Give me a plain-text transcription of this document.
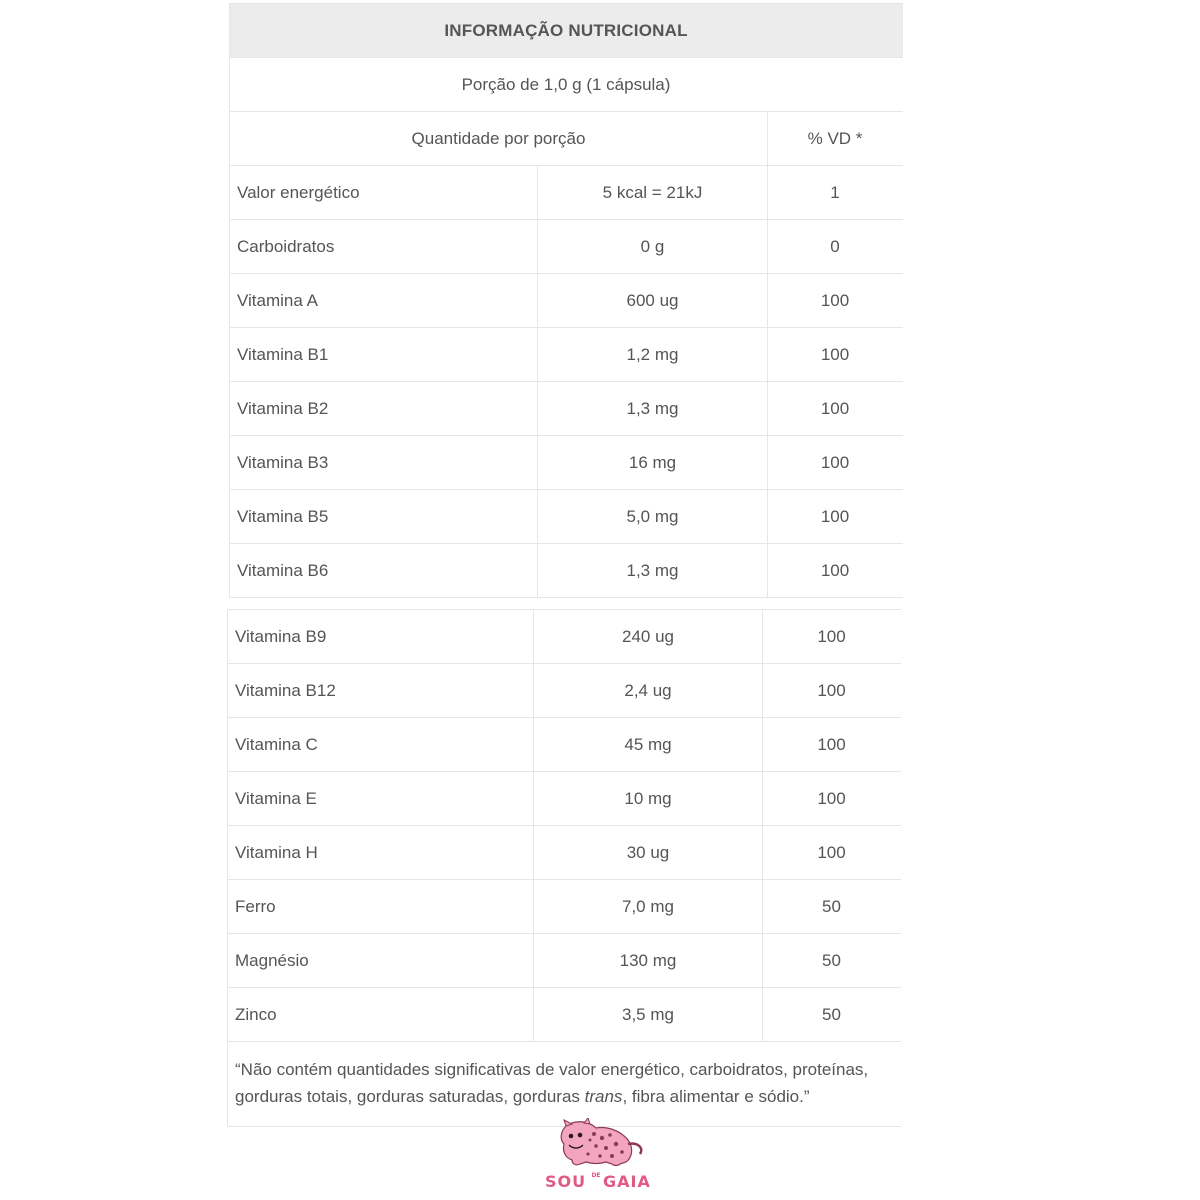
INFORMAÇÃO NUTRICIONAL		
Porção de 1,0 g (1 cápsula)		
Quantidade por porção		% VD *
Valor energético	5 kcal = 21kJ	1
Carboidratos	0 g	0
Vitamina A	600 ug	100
Vitamina B1	1,2 mg	100
Vitamina B2	1,3 mg	100
Vitamina B3	16 mg	100
Vitamina B5	5,0 mg	100
Vitamina B6	1,3 mg	100
Vitamina B9	240 ug	100
Vitamina B12	2,4 ug	100
Vitamina C	45 mg	100
Vitamina E	10 mg	100
Vitamina H	30 ug	100
Ferro	7,0 mg	50
Magnésio	130 mg	50
Zinco	3,5 mg	50
“Não contém quantidades significativas de valor energético, carboidratos, proteínas, gorduras totais, gorduras saturadas, gorduras trans, fibra alimentar e sódio.”		
SOU DE GAIA
